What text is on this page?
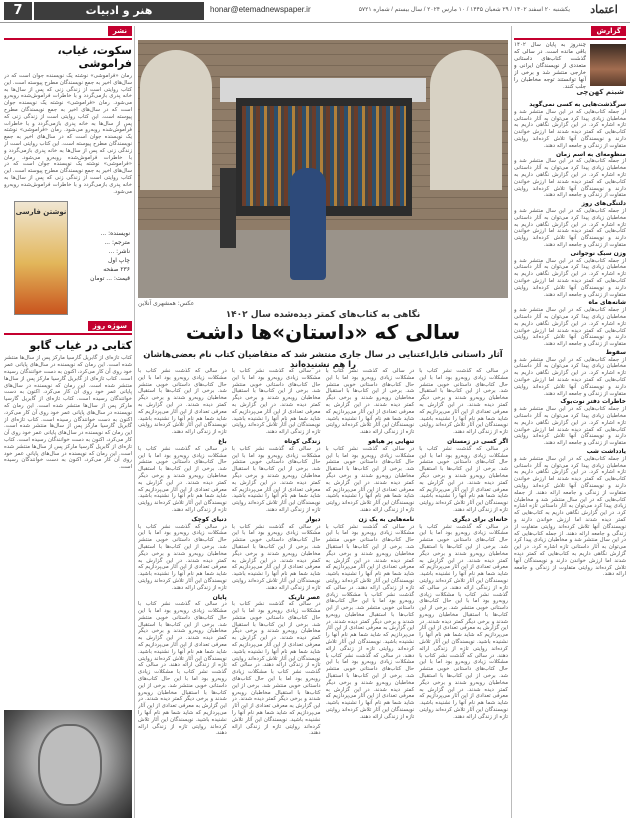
7	هنر و ادبیات	honar@etemadnewspaper.ir	یکشنبه ۲۰ اسفند ۱۴۰۲ / ۲۹ شعبان ۱۴۴۵ / ۱۰ مارس ۲۰۲۴ / سال بیستم / شماره ۵۷۲۱	اعتماد
گزارش
شبنم کهن‌چی
چندروز به پایان سال ۱۴۰۲ باقی مانده است. در سالی که گذشت کتاب‌های داستانی متعددی از نویسندگان ایرانی و خارجی منتشر شد و برخی از آنها توانستند توجه مخاطبان را جلب کنند.
سرگذشت‌هایی به کسی نمی‌گوید
از جمله کتاب‌هایی که در این سال منتشر شد و مخاطبان زیادی پیدا کرد می‌توان به آثار داستانی تازه اشاره کرد. در این گزارش نگاهی داریم به کتاب‌هایی که کمتر دیده شدند اما ارزش خواندن دارند و نویسندگان آنها تلاش کرده‌اند روایتی متفاوت از زندگی و جامعه ارائه دهند.
منظومه‌ای به اسم زمان
از جمله کتاب‌هایی که در این سال منتشر شد و مخاطبان زیادی پیدا کرد می‌توان به آثار داستانی تازه اشاره کرد. در این گزارش نگاهی داریم به کتاب‌هایی که کمتر دیده شدند اما ارزش خواندن دارند و نویسندگان آنها تلاش کرده‌اند روایتی متفاوت از زندگی و جامعه ارائه دهند.
دلتنگی‌های روز
از جمله کتاب‌هایی که در این سال منتشر شد و مخاطبان زیادی پیدا کرد می‌توان به آثار داستانی تازه اشاره کرد. در این گزارش نگاهی داریم به کتاب‌هایی که کمتر دیده شدند اما ارزش خواندن دارند و نویسندگان آنها تلاش کرده‌اند روایتی متفاوت از زندگی و جامعه ارائه دهند.
وزن سبک نوجوانی
از جمله کتاب‌هایی که در این سال منتشر شد و مخاطبان زیادی پیدا کرد می‌توان به آثار داستانی تازه اشاره کرد. در این گزارش نگاهی داریم به کتاب‌هایی که کمتر دیده شدند اما ارزش خواندن دارند و نویسندگان آنها تلاش کرده‌اند روایتی متفاوت از زندگی و جامعه ارائه دهند.
شانه‌های ماه
از جمله کتاب‌هایی که در این سال منتشر شد و مخاطبان زیادی پیدا کرد می‌توان به آثار داستانی تازه اشاره کرد. در این گزارش نگاهی داریم به کتاب‌هایی که کمتر دیده شدند اما ارزش خواندن دارند و نویسندگان آنها تلاش کرده‌اند روایتی متفاوت از زندگی و جامعه ارائه دهند.
سقوط
از جمله کتاب‌هایی که در این سال منتشر شد و مخاطبان زیادی پیدا کرد می‌توان به آثار داستانی تازه اشاره کرد. در این گزارش نگاهی داریم به کتاب‌هایی که کمتر دیده شدند اما ارزش خواندن دارند و نویسندگان آنها تلاش کرده‌اند روایتی متفاوت از زندگی و جامعه ارائه دهند.
خاطرات دفتر نوت‌بوک
از جمله کتاب‌هایی که در این سال منتشر شد و مخاطبان زیادی پیدا کرد می‌توان به آثار داستانی تازه اشاره کرد. در این گزارش نگاهی داریم به کتاب‌هایی که کمتر دیده شدند اما ارزش خواندن دارند و نویسندگان آنها تلاش کرده‌اند روایتی متفاوت از زندگی و جامعه ارائه دهند.
یادداشت شب
از جمله کتاب‌هایی که در این سال منتشر شد و مخاطبان زیادی پیدا کرد می‌توان به آثار داستانی تازه اشاره کرد. در این گزارش نگاهی داریم به کتاب‌هایی که کمتر دیده شدند اما ارزش خواندن دارند و نویسندگان آنها تلاش کرده‌اند روایتی متفاوت از زندگی و جامعه ارائه دهند. از جمله کتاب‌هایی که در این سال منتشر شد و مخاطبان زیادی پیدا کرد می‌توان به آثار داستانی تازه اشاره کرد. در این گزارش نگاهی داریم به کتاب‌هایی که کمتر دیده شدند اما ارزش خواندن دارند و نویسندگان آنها تلاش کرده‌اند روایتی متفاوت از زندگی و جامعه ارائه دهند. از جمله کتاب‌هایی که در این سال منتشر شد و مخاطبان زیادی پیدا کرد می‌توان به آثار داستانی تازه اشاره کرد. در این گزارش نگاهی داریم به کتاب‌هایی که کمتر دیده شدند اما ارزش خواندن دارند و نویسندگان آنها تلاش کرده‌اند روایتی متفاوت از زندگی و جامعه ارائه دهند.
نشر
سکوت، غیاب، فراموشی
رمان «فراموشی» نوشته یک نویسنده جوان است که در سال‌های اخیر به جمع نویسندگان مطرح پیوسته است. این کتاب روایتی است از زندگی زنی که پس از سال‌ها به خانه پدری بازمی‌گردد و با خاطرات فراموش‌شده روبه‌رو می‌شود. رمان «فراموشی» نوشته یک نویسنده جوان است که در سال‌های اخیر به جمع نویسندگان مطرح پیوسته است. این کتاب روایتی است از زندگی زنی که پس از سال‌ها به خانه پدری بازمی‌گردد و با خاطرات فراموش‌شده روبه‌رو می‌شود. رمان «فراموشی» نوشته یک نویسنده جوان است که در سال‌های اخیر به جمع نویسندگان مطرح پیوسته است. این کتاب روایتی است از زندگی زنی که پس از سال‌ها به خانه پدری بازمی‌گردد و با خاطرات فراموش‌شده روبه‌رو می‌شود. رمان «فراموشی» نوشته یک نویسنده جوان است که در سال‌های اخیر به جمع نویسندگان مطرح پیوسته است. این کتاب روایتی است از زندگی زنی که پس از سال‌ها به خانه پدری بازمی‌گردد و با خاطرات فراموش‌شده روبه‌رو می‌شود.
نوشتن فارسی
نویسنده: ...
مترجم: ...
ناشر: ...
چاپ اول
۲۳۶ صفحه
قیمت: ... تومان
سوژه روز
کتابی در غیاب گابو
کتاب تازه‌ای از گابریل گارسیا مارکز پس از سال‌ها منتشر شده است. این رمان که نویسنده در سال‌های پایانی عمر خود روی آن کار می‌کرد، اکنون به دست خوانندگان رسیده است. کتاب تازه‌ای از گابریل گارسیا مارکز پس از سال‌ها منتشر شده است. این رمان که نویسنده در سال‌های پایانی عمر خود روی آن کار می‌کرد، اکنون به دست خوانندگان رسیده است. کتاب تازه‌ای از گابریل گارسیا مارکز پس از سال‌ها منتشر شده است. این رمان که نویسنده در سال‌های پایانی عمر خود روی آن کار می‌کرد، اکنون به دست خوانندگان رسیده است. کتاب تازه‌ای از گابریل گارسیا مارکز پس از سال‌ها منتشر شده است. این رمان که نویسنده در سال‌های پایانی عمر خود روی آن کار می‌کرد، اکنون به دست خوانندگان رسیده است. کتاب تازه‌ای از گابریل گارسیا مارکز پس از سال‌ها منتشر شده است. این رمان که نویسنده در سال‌های پایانی عمر خود روی آن کار می‌کرد، اکنون به دست خوانندگان رسیده است.
عکس: همشهری آنلاین
نگاهی به کتاب‌های کمتر دیده‌شده سال ۱۴۰۲
سالی که «داستان»ها داشت
آثار داستانی قابل‌اعتنایی در سال جاری منتشر شد که متقاضیان کتاب نام بعضی‌هاشان را هم نشنیده‌اند
در سالی که گذشت نشر کتاب با مشکلات زیادی روبه‌رو بود اما با این حال کتاب‌های داستانی خوبی منتشر شد. برخی از این کتاب‌ها با استقبال مخاطبان روبه‌رو شدند و برخی دیگر کمتر دیده شدند. در این گزارش به معرفی تعدادی از این آثار می‌پردازیم که شاید شما هم نام آنها را نشنیده باشید. نویسندگان این آثار تلاش کرده‌اند روایتی تازه از زندگی ارائه دهند.
اگر کسی در زمستان
در سالی که گذشت نشر کتاب با مشکلات زیادی روبه‌رو بود اما با این حال کتاب‌های داستانی خوبی منتشر شد. برخی از این کتاب‌ها با استقبال مخاطبان روبه‌رو شدند و برخی دیگر کمتر دیده شدند. در این گزارش به معرفی تعدادی از این آثار می‌پردازیم که شاید شما هم نام آنها را نشنیده باشید. نویسندگان این آثار تلاش کرده‌اند روایتی تازه از زندگی ارائه دهند.
خانه‌ای برای دیگری
در سالی که گذشت نشر کتاب با مشکلات زیادی روبه‌رو بود اما با این حال کتاب‌های داستانی خوبی منتشر شد. برخی از این کتاب‌ها با استقبال مخاطبان روبه‌رو شدند و برخی دیگر کمتر دیده شدند. در این گزارش به معرفی تعدادی از این آثار می‌پردازیم که شاید شما هم نام آنها را نشنیده باشید. نویسندگان این آثار تلاش کرده‌اند روایتی تازه از زندگی ارائه دهند. در سالی که گذشت نشر کتاب با مشکلات زیادی روبه‌رو بود اما با این حال کتاب‌های داستانی خوبی منتشر شد. برخی از این کتاب‌ها با استقبال مخاطبان روبه‌رو شدند و برخی دیگر کمتر دیده شدند. در این گزارش به معرفی تعدادی از این آثار می‌پردازیم که شاید شما هم نام آنها را نشنیده باشید. نویسندگان این آثار تلاش کرده‌اند روایتی تازه از زندگی ارائه دهند. در سالی که گذشت نشر کتاب با مشکلات زیادی روبه‌رو بود اما با این حال کتاب‌های داستانی خوبی منتشر شد. برخی از این کتاب‌ها با استقبال مخاطبان روبه‌رو شدند و برخی دیگر کمتر دیده شدند. در این گزارش به معرفی تعدادی از این آثار می‌پردازیم که شاید شما هم نام آنها را نشنیده باشید. نویسندگان این آثار تلاش کرده‌اند روایتی تازه از زندگی ارائه دهند.
در سالی که گذشت نشر کتاب با مشکلات زیادی روبه‌رو بود اما با این حال کتاب‌های داستانی خوبی منتشر شد. برخی از این کتاب‌ها با استقبال مخاطبان روبه‌رو شدند و برخی دیگر کمتر دیده شدند. در این گزارش به معرفی تعدادی از این آثار می‌پردازیم که شاید شما هم نام آنها را نشنیده باشید. نویسندگان این آثار تلاش کرده‌اند روایتی تازه از زندگی ارائه دهند.
تنهایی پر هیاهو
در سالی که گذشت نشر کتاب با مشکلات زیادی روبه‌رو بود اما با این حال کتاب‌های داستانی خوبی منتشر شد. برخی از این کتاب‌ها با استقبال مخاطبان روبه‌رو شدند و برخی دیگر کمتر دیده شدند. در این گزارش به معرفی تعدادی از این آثار می‌پردازیم که شاید شما هم نام آنها را نشنیده باشید. نویسندگان این آثار تلاش کرده‌اند روایتی تازه از زندگی ارائه دهند.
نامه‌هایی به یک زن
در سالی که گذشت نشر کتاب با مشکلات زیادی روبه‌رو بود اما با این حال کتاب‌های داستانی خوبی منتشر شد. برخی از این کتاب‌ها با استقبال مخاطبان روبه‌رو شدند و برخی دیگر کمتر دیده شدند. در این گزارش به معرفی تعدادی از این آثار می‌پردازیم که شاید شما هم نام آنها را نشنیده باشید. نویسندگان این آثار تلاش کرده‌اند روایتی تازه از زندگی ارائه دهند. در سالی که گذشت نشر کتاب با مشکلات زیادی روبه‌رو بود اما با این حال کتاب‌های داستانی خوبی منتشر شد. برخی از این کتاب‌ها با استقبال مخاطبان روبه‌رو شدند و برخی دیگر کمتر دیده شدند. در این گزارش به معرفی تعدادی از این آثار می‌پردازیم که شاید شما هم نام آنها را نشنیده باشید. نویسندگان این آثار تلاش کرده‌اند روایتی تازه از زندگی ارائه دهند. در سالی که گذشت نشر کتاب با مشکلات زیادی روبه‌رو بود اما با این حال کتاب‌های داستانی خوبی منتشر شد. برخی از این کتاب‌ها با استقبال مخاطبان روبه‌رو شدند و برخی دیگر کمتر دیده شدند. در این گزارش به معرفی تعدادی از این آثار می‌پردازیم که شاید شما هم نام آنها را نشنیده باشید. نویسندگان این آثار تلاش کرده‌اند روایتی تازه از زندگی ارائه دهند.
در سالی که گذشت نشر کتاب با مشکلات زیادی روبه‌رو بود اما با این حال کتاب‌های داستانی خوبی منتشر شد. برخی از این کتاب‌ها با استقبال مخاطبان روبه‌رو شدند و برخی دیگر کمتر دیده شدند. در این گزارش به معرفی تعدادی از این آثار می‌پردازیم که شاید شما هم نام آنها را نشنیده باشید. نویسندگان این آثار تلاش کرده‌اند روایتی تازه از زندگی ارائه دهند.
زندگی کوتاه
در سالی که گذشت نشر کتاب با مشکلات زیادی روبه‌رو بود اما با این حال کتاب‌های داستانی خوبی منتشر شد. برخی از این کتاب‌ها با استقبال مخاطبان روبه‌رو شدند و برخی دیگر کمتر دیده شدند. در این گزارش به معرفی تعدادی از این آثار می‌پردازیم که شاید شما هم نام آنها را نشنیده باشید. نویسندگان این آثار تلاش کرده‌اند روایتی تازه از زندگی ارائه دهند.
دیوار
در سالی که گذشت نشر کتاب با مشکلات زیادی روبه‌رو بود اما با این حال کتاب‌های داستانی خوبی منتشر شد. برخی از این کتاب‌ها با استقبال مخاطبان روبه‌رو شدند و برخی دیگر کمتر دیده شدند. در این گزارش به معرفی تعدادی از این آثار می‌پردازیم که شاید شما هم نام آنها را نشنیده باشید. نویسندگان این آثار تلاش کرده‌اند روایتی تازه از زندگی ارائه دهند.
عصر تاریک
در سالی که گذشت نشر کتاب با مشکلات زیادی روبه‌رو بود اما با این حال کتاب‌های داستانی خوبی منتشر شد. برخی از این کتاب‌ها با استقبال مخاطبان روبه‌رو شدند و برخی دیگر کمتر دیده شدند. در این گزارش به معرفی تعدادی از این آثار می‌پردازیم که شاید شما هم نام آنها را نشنیده باشید. نویسندگان این آثار تلاش کرده‌اند روایتی تازه از زندگی ارائه دهند. در سالی که گذشت نشر کتاب با مشکلات زیادی روبه‌رو بود اما با این حال کتاب‌های داستانی خوبی منتشر شد. برخی از این کتاب‌ها با استقبال مخاطبان روبه‌رو شدند و برخی دیگر کمتر دیده شدند. در این گزارش به معرفی تعدادی از این آثار می‌پردازیم که شاید شما هم نام آنها را نشنیده باشید. نویسندگان این آثار تلاش کرده‌اند روایتی تازه از زندگی ارائه دهند.
در سالی که گذشت نشر کتاب با مشکلات زیادی روبه‌رو بود اما با این حال کتاب‌های داستانی خوبی منتشر شد. برخی از این کتاب‌ها با استقبال مخاطبان روبه‌رو شدند و برخی دیگر کمتر دیده شدند. در این گزارش به معرفی تعدادی از این آثار می‌پردازیم که شاید شما هم نام آنها را نشنیده باشید. نویسندگان این آثار تلاش کرده‌اند روایتی تازه از زندگی ارائه دهند.
باغ
در سالی که گذشت نشر کتاب با مشکلات زیادی روبه‌رو بود اما با این حال کتاب‌های داستانی خوبی منتشر شد. برخی از این کتاب‌ها با استقبال مخاطبان روبه‌رو شدند و برخی دیگر کمتر دیده شدند. در این گزارش به معرفی تعدادی از این آثار می‌پردازیم که شاید شما هم نام آنها را نشنیده باشید. نویسندگان این آثار تلاش کرده‌اند روایتی تازه از زندگی ارائه دهند.
دنیای کوچک
در سالی که گذشت نشر کتاب با مشکلات زیادی روبه‌رو بود اما با این حال کتاب‌های داستانی خوبی منتشر شد. برخی از این کتاب‌ها با استقبال مخاطبان روبه‌رو شدند و برخی دیگر کمتر دیده شدند. در این گزارش به معرفی تعدادی از این آثار می‌پردازیم که شاید شما هم نام آنها را نشنیده باشید. نویسندگان این آثار تلاش کرده‌اند روایتی تازه از زندگی ارائه دهند.
پایان
در سالی که گذشت نشر کتاب با مشکلات زیادی روبه‌رو بود اما با این حال کتاب‌های داستانی خوبی منتشر شد. برخی از این کتاب‌ها با استقبال مخاطبان روبه‌رو شدند و برخی دیگر کمتر دیده شدند. در این گزارش به معرفی تعدادی از این آثار می‌پردازیم که شاید شما هم نام آنها را نشنیده باشید. نویسندگان این آثار تلاش کرده‌اند روایتی تازه از زندگی ارائه دهند. در سالی که گذشت نشر کتاب با مشکلات زیادی روبه‌رو بود اما با این حال کتاب‌های داستانی خوبی منتشر شد. برخی از این کتاب‌ها با استقبال مخاطبان روبه‌رو شدند و برخی دیگر کمتر دیده شدند. در این گزارش به معرفی تعدادی از این آثار می‌پردازیم که شاید شما هم نام آنها را نشنیده باشید. نویسندگان این آثار تلاش کرده‌اند روایتی تازه از زندگی ارائه دهند.
